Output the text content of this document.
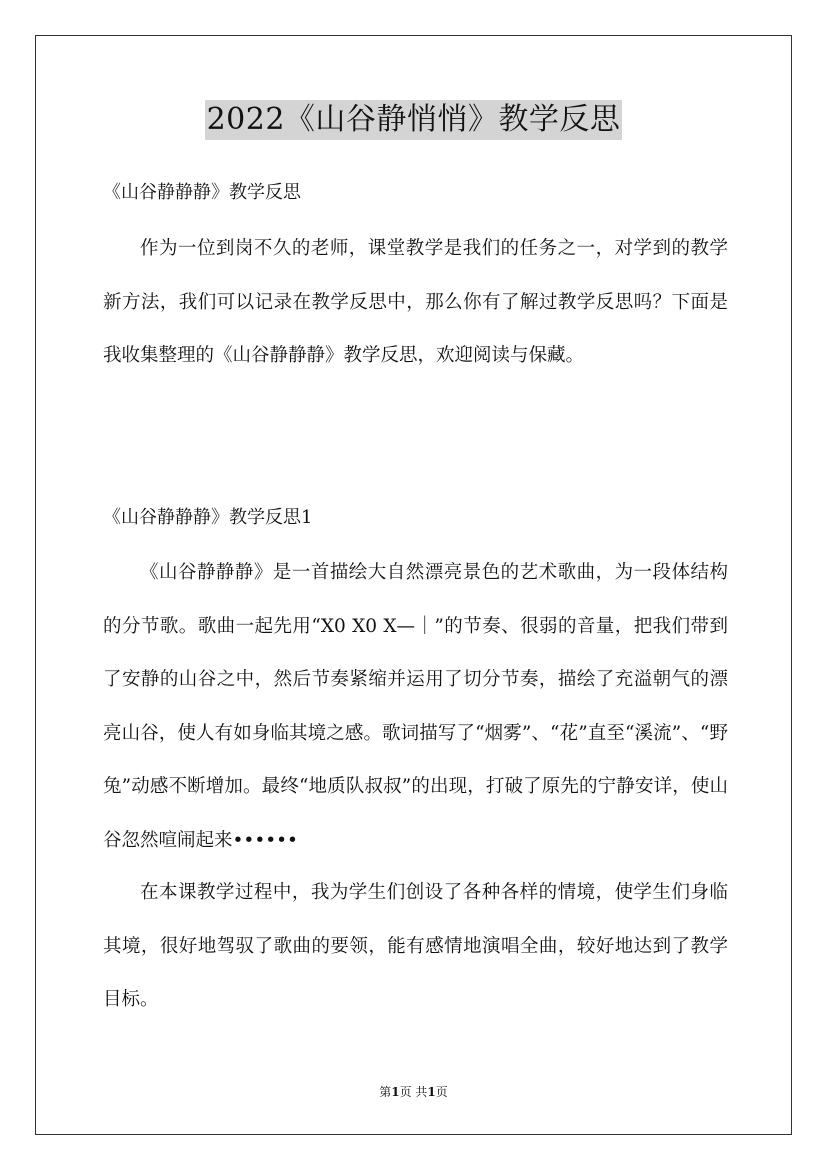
2022《山谷静悄悄》教学反思
《山谷静静静》教学反思
作为一位到岗不久的老师，课堂教学是我们的任务之一，对学到的教学新方法，我们可以记录在教学反思中，那么你有了解过教学反思吗？下面是我收集整理的《山谷静静静》教学反思，欢迎阅读与保藏。
《山谷静静静》教学反思1
《山谷静静静》是一首描绘大自然漂亮景色的艺术歌曲，为一段体结构的分节歌。歌曲一起先用“X0 X0 X—｜”的节奏、很弱的音量，把我们带到了安静的山谷之中，然后节奏紧缩并运用了切分节奏，描绘了充溢朝气的漂亮山谷，使人有如身临其境之感。歌词描写了“烟雾”、“花”直至“溪流”、“野兔”动感不断增加。最终“地质队叔叔”的出现，打破了原先的宁静安详，使山谷忽然喧闹起来••••••
在本课教学过程中，我为学生们创设了各种各样的情境，使学生们身临其境，很好地驾驭了歌曲的要领，能有感情地演唱全曲，较好地达到了教学目标。
第1页 共1页
